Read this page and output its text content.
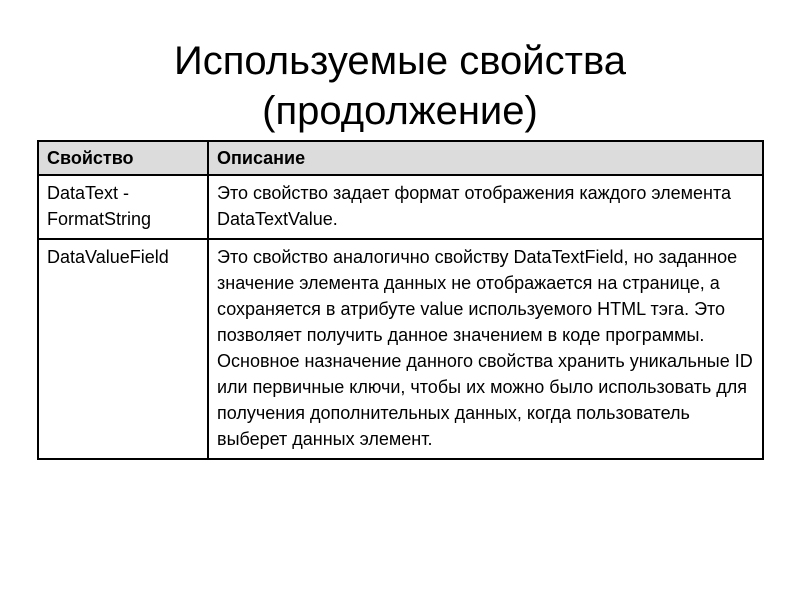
Используемые свойства
(продолжение)
Свойство	Описание
DataText - FormatString	Это свойство задает формат отображения каждого элемента DataTextValue.
DataValueField	Это свойство аналогично свойству DataTextField, но заданное значение элемента данных не отображается на странице, а сохраняется в атрибуте value используемого HTML тэга. Это позволяет получить данное значением в коде программы. Основное назначение данного свойства хранить уникальные ID или первичные ключи, чтобы их можно было использовать для получения дополнительных данных, когда пользователь выберет данных элемент.
